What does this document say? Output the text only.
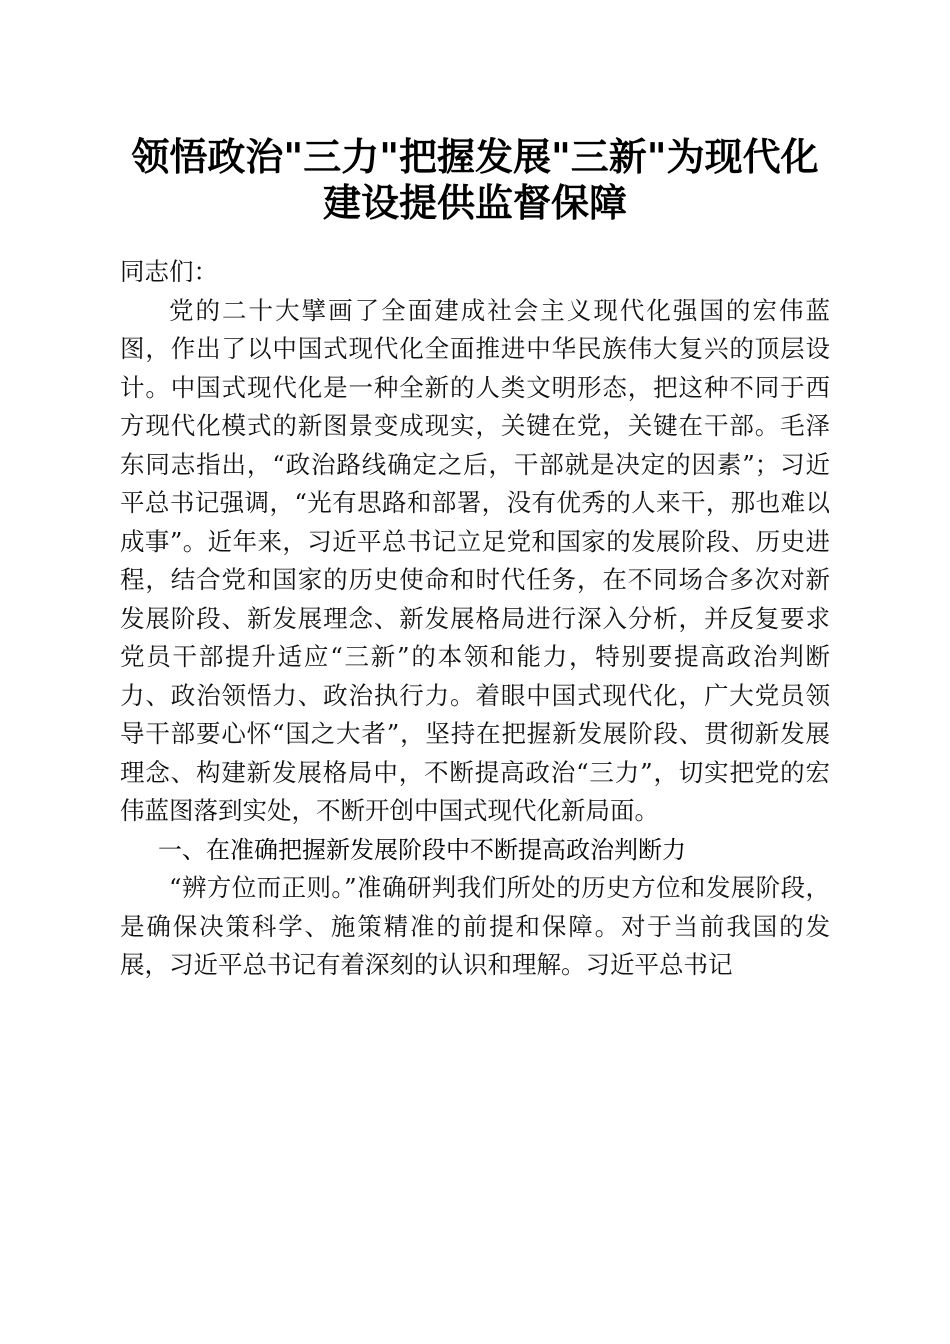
领悟政治"三力"把握发展"三新"为现代化
建设提供监督保障

同志们：

党的二十大擘画了全面建成社会主义现代化强国的宏伟蓝图，作出了以中国式现代化全面推进中华民族伟大复兴的顶层设计。中国式现代化是一种全新的人类文明形态，把这种不同于西方现代化模式的新图景变成现实，关键在党，关键在干部。毛泽东同志指出，“政治路线确定之后，干部就是决定的因素”；习近平总书记强调，“光有思路和部署，没有优秀的人来干，那也难以成事”。近年来，习近平总书记立足党和国家的发展阶段、历史进程，结合党和国家的历史使命和时代任务，在不同场合多次对新发展阶段、新发展理念、新发展格局进行深入分析，并反复要求党员干部提升适应“三新”的本领和能力，特别要提高政治判断力、政治领悟力、政治执行力。着眼中国式现代化，广大党员领导干部要心怀“国之大者”，坚持在把握新发展阶段、贯彻新发展理念、构建新发展格局中，不断提高政治“三力”，切实把党的宏伟蓝图落到实处，不断开创中国式现代化新局面。

一、在准确把握新发展阶段中不断提高政治判断力

“辨方位而正则。”准确研判我们所处的历史方位和发展阶段，是确保决策科学、施策精准的前提和保障。对于当前我国的发展，习近平总书记有着深刻的认识和理解。习近平总书记
